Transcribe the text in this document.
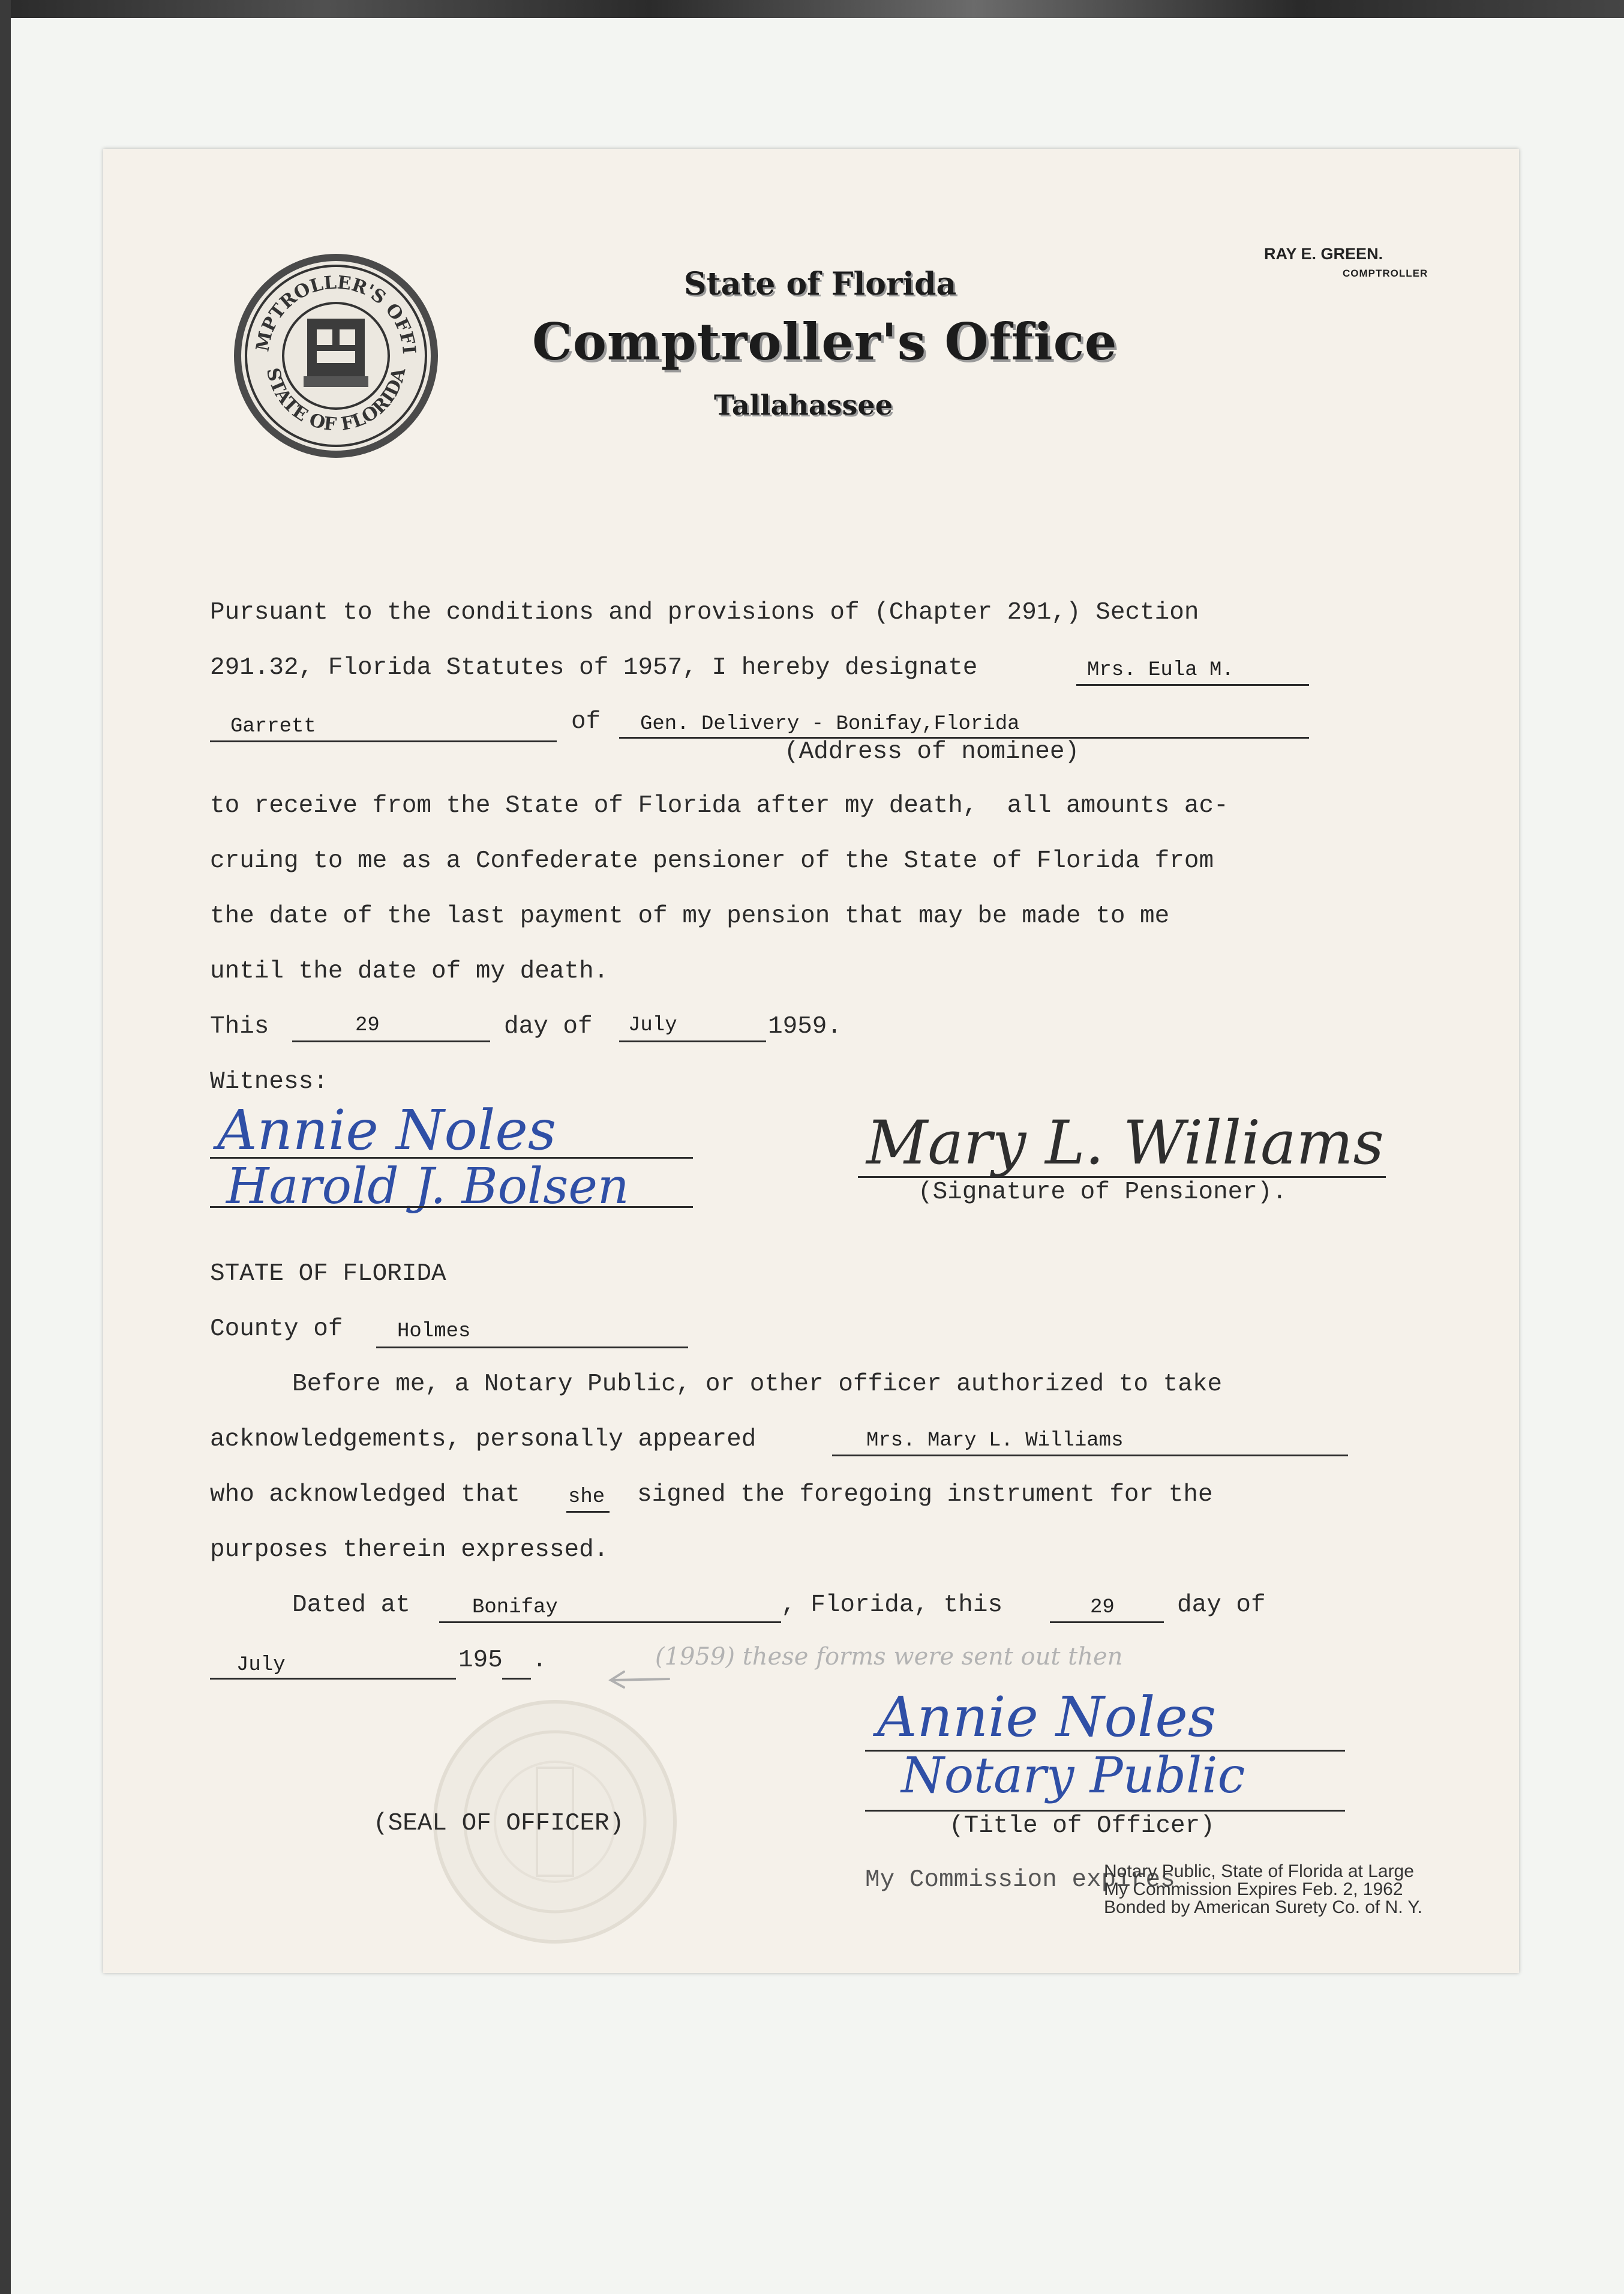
MPTROLLER'S OFFI
STATE OF FLORIDA

State of Florida
Comptroller's Office
Tallahassee
RAY E. GREEN.
COMPTROLLER
Pursuant to the conditions and provisions of (Chapter 291,) Section
291.32, Florida Statutes of 1957, I hereby designate	Mrs. Eula M.
Garrett	of Gen. Delivery - Bonifay,Florida
(Address of nominee)
to receive from the State of Florida after my death,  all amounts ac-
cruing to me as a Confederate pensioner of the State of Florida from
the date of the last payment of my pension that may be made to me
until the date of my death.
This	29	day of July	1959.
Witness:
Annie Noles
Harold J. Bolsen
Mary L. Williams
(Signature of Pensioner).
STATE OF FLORIDA
County of	Holmes
Before me, a Notary Public, or other officer authorized to take
acknowledgements, personally appeared	Mrs. Mary L. Williams
who acknowledged that she signed the foregoing instrument for the
purposes therein expressed.
Dated at	Bonifay	, Florida, this	29	day of
July	195 .

	(1959) these forms were sent out then

(SEAL OF OFFICER)
Annie Noles
Notary Public
(Title of Officer)
My Commission expires
Notary Public, State of Florida at Large
My Commission Expires Feb. 2, 1962
Bonded by American Surety Co. of N. Y.
